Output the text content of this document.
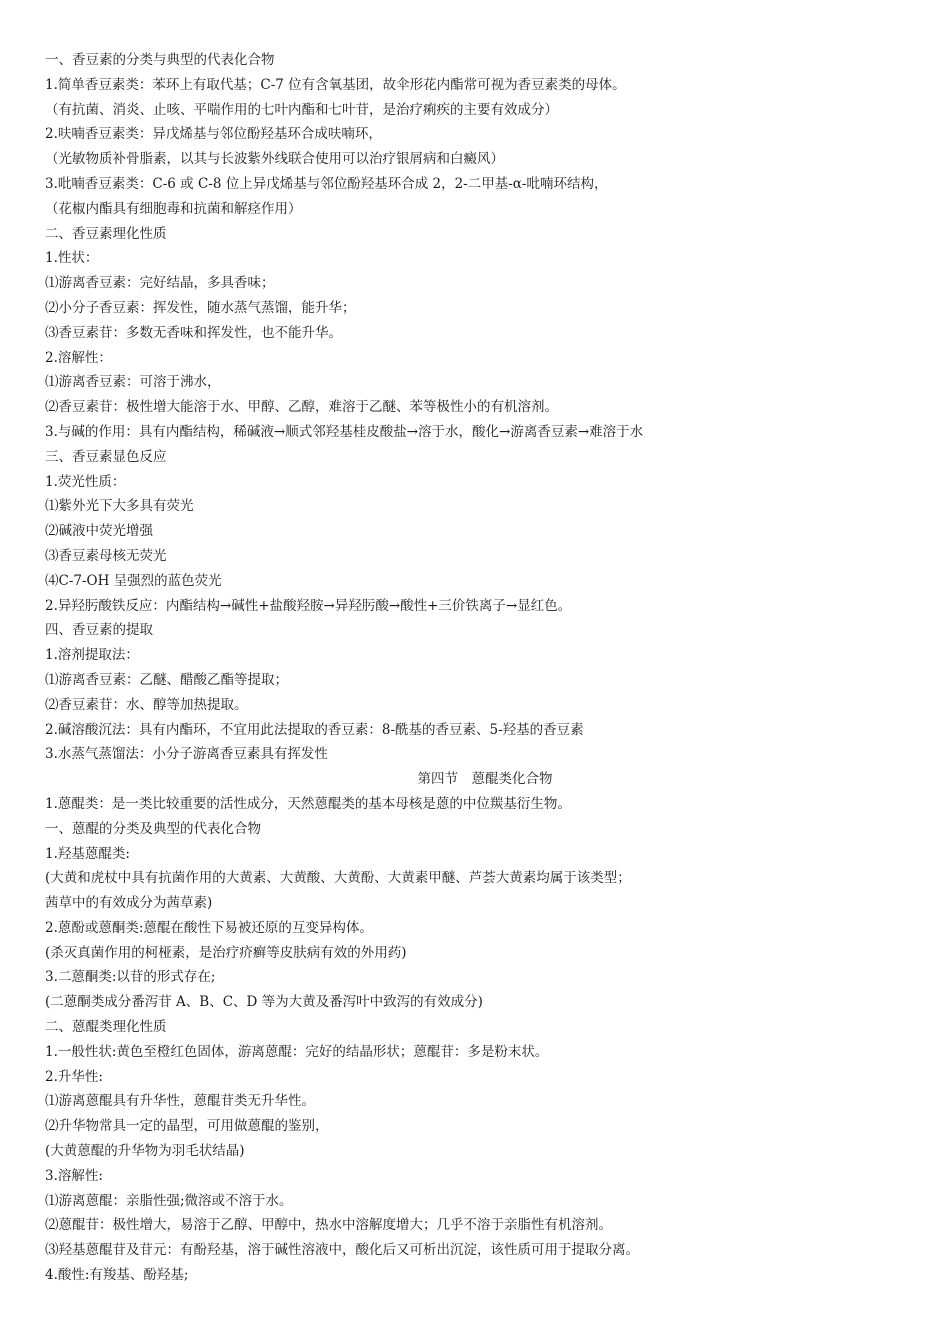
一、香豆素的分类与典型的代表化合物
1.简单香豆素类：苯环上有取代基；C-7 位有含氧基团，故伞形花内酯常可视为香豆素类的母体。
（有抗菌、消炎、止咳、平喘作用的七叶内酯和七叶苷，是治疗痢疾的主要有效成分）
2.呋喃香豆素类：异戊烯基与邻位酚羟基环合成呋喃环，
（光敏物质补骨脂素，以其与长波紫外线联合使用可以治疗银屑病和白癜风）
3.吡喃香豆素类：C-6 或 C-8 位上异戊烯基与邻位酚羟基环合成 2，2-二甲基-α-吡喃环结构，
（花椒内酯具有细胞毒和抗菌和解痉作用）
二、香豆素理化性质
1.性状：
⑴游离香豆素：完好结晶，多具香味；
⑵小分子香豆素：挥发性，随水蒸气蒸馏，能升华；
⑶香豆素苷：多数无香味和挥发性，也不能升华。
2.溶解性：
⑴游离香豆素：可溶于沸水，
⑵香豆素苷：极性增大能溶于水、甲醇、乙醇，难溶于乙醚、苯等极性小的有机溶剂。
3.与碱的作用：具有内酯结构，稀碱液→顺式邻羟基桂皮酸盐→溶于水，酸化→游离香豆素→难溶于水
三、香豆素显色反应
1.荧光性质：
⑴紫外光下大多具有荧光
⑵碱液中荧光增强
⑶香豆素母核无荧光
⑷C-7-OH 呈强烈的蓝色荧光
2.异羟肟酸铁反应：内酯结构→碱性+盐酸羟胺→异羟肟酸→酸性+三价铁离子→显红色。
四、香豆素的提取
1.溶剂提取法：
⑴游离香豆素：乙醚、醋酸乙酯等提取；
⑵香豆素苷：水、醇等加热提取。
2.碱溶酸沉法：具有内酯环，不宜用此法提取的香豆素：8-酰基的香豆素、5-羟基的香豆素
3.水蒸气蒸馏法：小分子游离香豆素具有挥发性
第四节　蒽醌类化合物
1.蒽醌类：是一类比较重要的活性成分，天然蒽醌类的基本母核是蒽的中位羰基衍生物。
一、蒽醌的分类及典型的代表化合物
1.羟基蒽醌类:
(大黄和虎杖中具有抗菌作用的大黄素、大黄酸、大黄酚、大黄素甲醚、芦荟大黄素均属于该类型；
茜草中的有效成分为茜草素)
2.蒽酚或蒽酮类:蒽醌在酸性下易被还原的互变异构体。
(杀灭真菌作用的柯桠素，是治疗疥癣等皮肤病有效的外用药)
3.二蒽酮类:以苷的形式存在;
(二蒽酮类成分番泻苷 A、B、C、D 等为大黄及番泻叶中致泻的有效成分)
二、蒽醌类理化性质
1.一般性状:黄色至橙红色固体，游离蒽醌：完好的结晶形状；蒽醌苷：多是粉末状。
2.升华性:
⑴游离蒽醌具有升华性，蒽醌苷类无升华性。
⑵升华物常具一定的晶型，可用做蒽醌的鉴别，
(大黄蒽醌的升华物为羽毛状结晶)
3.溶解性:
⑴游离蒽醌：亲脂性强;微溶或不溶于水。
⑵蒽醌苷：极性增大，易溶于乙醇、甲醇中，热水中溶解度增大；几乎不溶于亲脂性有机溶剂。
⑶羟基蒽醌苷及苷元：有酚羟基，溶于碱性溶液中，酸化后又可析出沉淀，该性质可用于提取分离。
4.酸性:有羧基、酚羟基;
